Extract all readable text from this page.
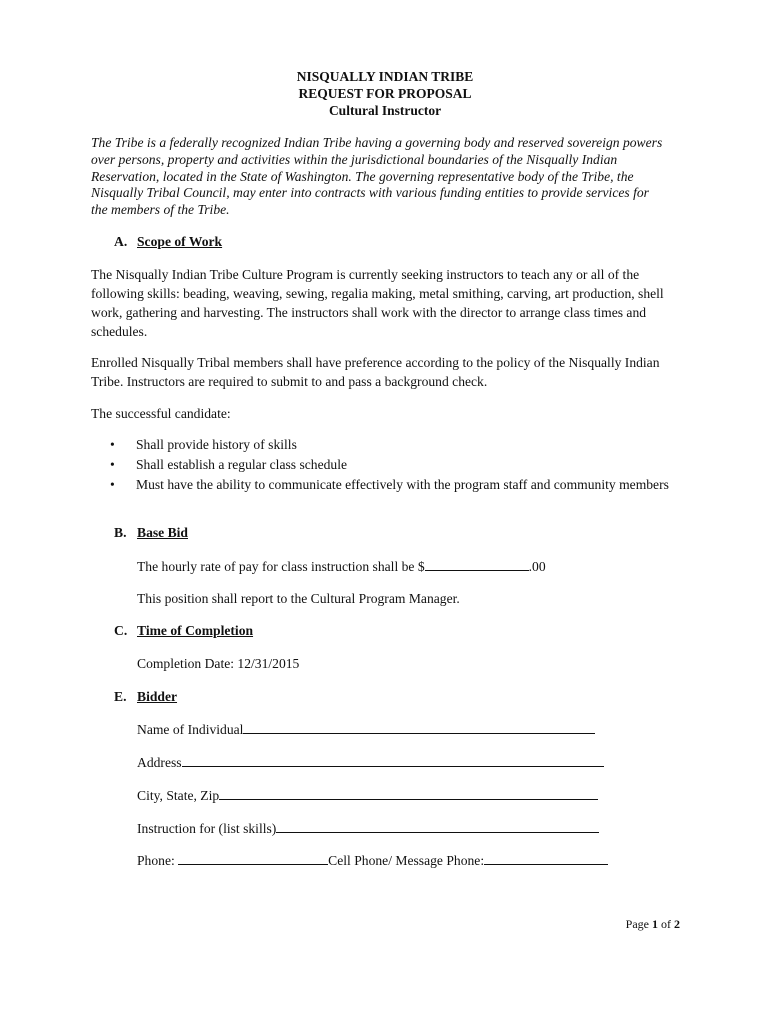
NISQUALLY INDIAN TRIBE
REQUEST FOR PROPOSAL
Cultural Instructor
The Tribe is a federally recognized Indian Tribe having a governing body and reserved sovereign powers
over persons, property and activities within the jurisdictional boundaries of the Nisqually Indian
Reservation, located in the State of Washington. The governing representative body of the Tribe, the
Nisqually Tribal Council, may enter into contracts with various funding entities to provide services for
the members of the Tribe.
A. Scope of Work
The Nisqually Indian Tribe Culture Program is currently seeking instructors to teach any or all of the
following skills: beading, weaving, sewing, regalia making, metal smithing, carving, art production, shell
work, gathering and harvesting. The instructors shall work with the director to arrange class times and
schedules.
Enrolled Nisqually Tribal members shall have preference according to the policy of the Nisqually Indian
Tribe. Instructors are required to submit to and pass a background check.
The successful candidate:
• Shall provide history of skills
• Shall establish a regular class schedule
• Must have the ability to communicate effectively with the program staff and community members
B. Base Bid
The hourly rate of pay for class instruction shall be $	.00
This position shall report to the Cultural Program Manager.
C. Time of Completion
Completion Date: 12/31/2015
E. Bidder
Name of Individual
Address
City, State, Zip
Instruction for (list skills)
Phone:	Cell Phone/ Message Phone:
Page 1 of 2
